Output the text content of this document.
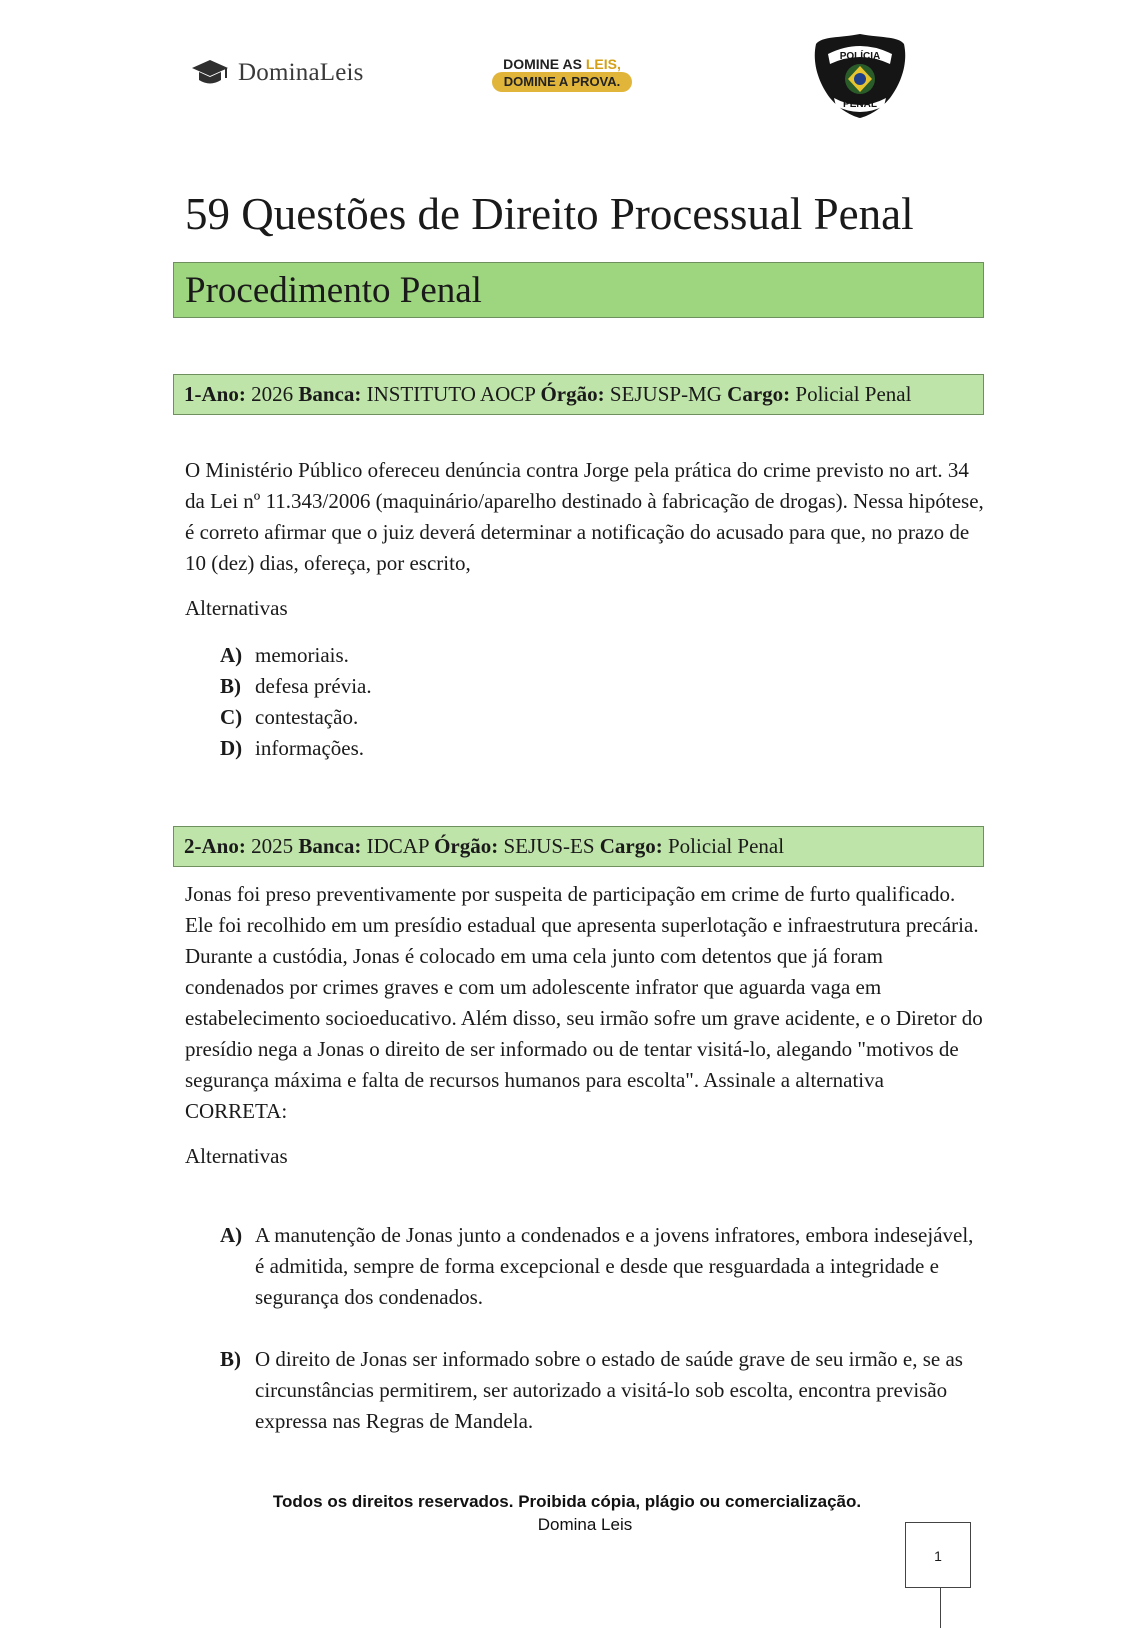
DominaLeis	DOMINE AS LEIS,
DOMINE A PROVA.
POLÍCIA
PENAL
59 Questões de Direito Processual Penal
Procedimento Penal
1-Ano: 2026 Banca: INSTITUTO AOCP Órgão: SEJUSP-MG Cargo: Policial Penal

O Ministério Público ofereceu denúncia contra Jorge pela prática do crime previsto no art. 34 da Lei nº 11.343/2006 (maquinário/aparelho destinado à fabricação de drogas). Nessa hipótese, é correto afirmar que o juiz deverá determinar a notificação do acusado para que, no prazo de 10 (dez) dias, ofereça, por escrito,

Alternativas

A) memoriais.
B) defesa prévia.
C) contestação.
D) informações.
2-Ano: 2025 Banca: IDCAP Órgão: SEJUS-ES Cargo: Policial Penal

Jonas foi preso preventivamente por suspeita de participação em crime de furto qualificado. Ele foi recolhido em um presídio estadual que apresenta superlotação e infraestrutura precária. Durante a custódia, Jonas é colocado em uma cela junto com detentos que já foram condenados por crimes graves e com um adolescente infrator que aguarda vaga em estabelecimento socioeducativo. Além disso, seu irmão sofre um grave acidente, e o Diretor do presídio nega a Jonas o direito de ser informado ou de tentar visitá-lo, alegando "motivos de segurança máxima e falta de recursos humanos para escolta". Assinale a alternativa CORRETA:

Alternativas

A) A manutenção de Jonas junto a condenados e a jovens infratores, embora indesejável, é admitida, sempre de forma excepcional e desde que resguardada a integridade e segurança dos condenados.
B) O direito de Jonas ser informado sobre o estado de saúde grave de seu irmão e, se as circunstâncias permitirem, ser autorizado a visitá-lo sob escolta, encontra previsão expressa nas Regras de Mandela.
Todos os direitos reservados. Proibida cópia, plágio ou comercialização.
Domina Leis
1
